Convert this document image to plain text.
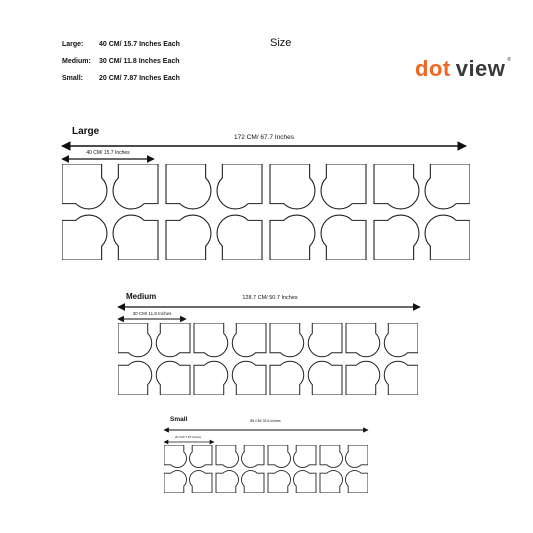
Size
Large: 40 CM/ 15.7 Inches Each
Medium: 30 CM/ 11.8 Inches Each
Small: 20 CM/ 7.87 Inches Each	dot view ®
Large
172 CM/ 67.7 Inches
40 CM/ 15.7 Inches
Medium	128.7 CM/ 50.7 Inches
30 CM/ 11.8 Inches
Small	85 CM/ 33.5 Inches
20 CM/ 7.87 Inches
